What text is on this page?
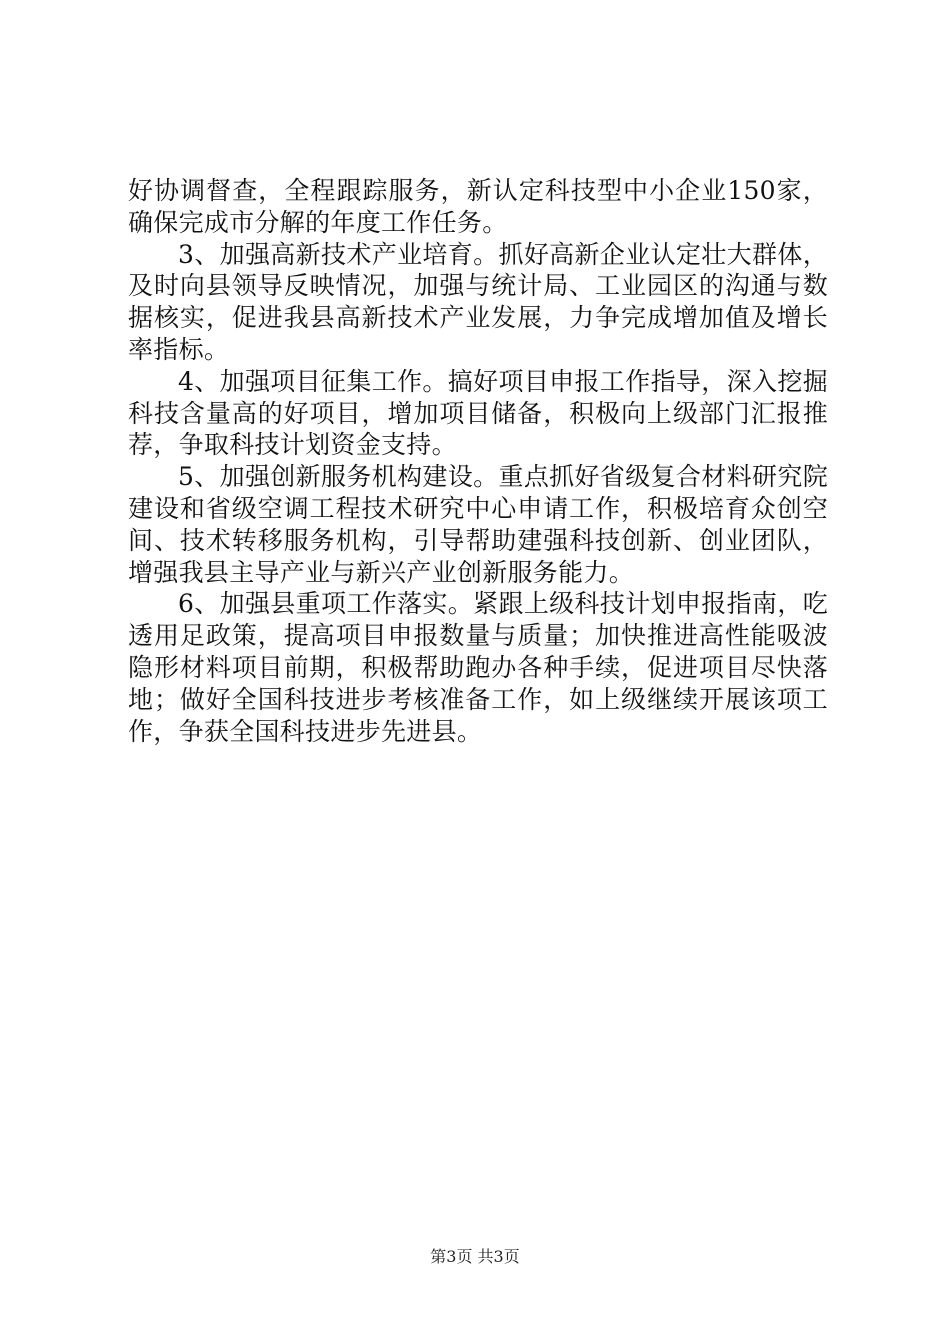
好协调督查，全程跟踪服务，新认定科技型中小企业150家，
确保完成市分解的年度工作任务。
3、加强高新技术产业培育。抓好高新企业认定壮大群体，
及时向县领导反映情况，加强与统计局、工业园区的沟通与数
据核实，促进我县高新技术产业发展，力争完成增加值及增长
率指标。
4、加强项目征集工作。搞好项目申报工作指导，深入挖掘
科技含量高的好项目，增加项目储备，积极向上级部门汇报推
荐，争取科技计划资金支持。
5、加强创新服务机构建设。重点抓好省级复合材料研究院
建设和省级空调工程技术研究中心申请工作，积极培育众创空
间、技术转移服务机构，引导帮助建强科技创新、创业团队，
增强我县主导产业与新兴产业创新服务能力。
6、加强县重项工作落实。紧跟上级科技计划申报指南，吃
透用足政策，提高项目申报数量与质量；加快推进高性能吸波
隐形材料项目前期，积极帮助跑办各种手续，促进项目尽快落
地；做好全国科技进步考核准备工作，如上级继续开展该项工
作，争获全国科技进步先进县。
第3页 共3页
